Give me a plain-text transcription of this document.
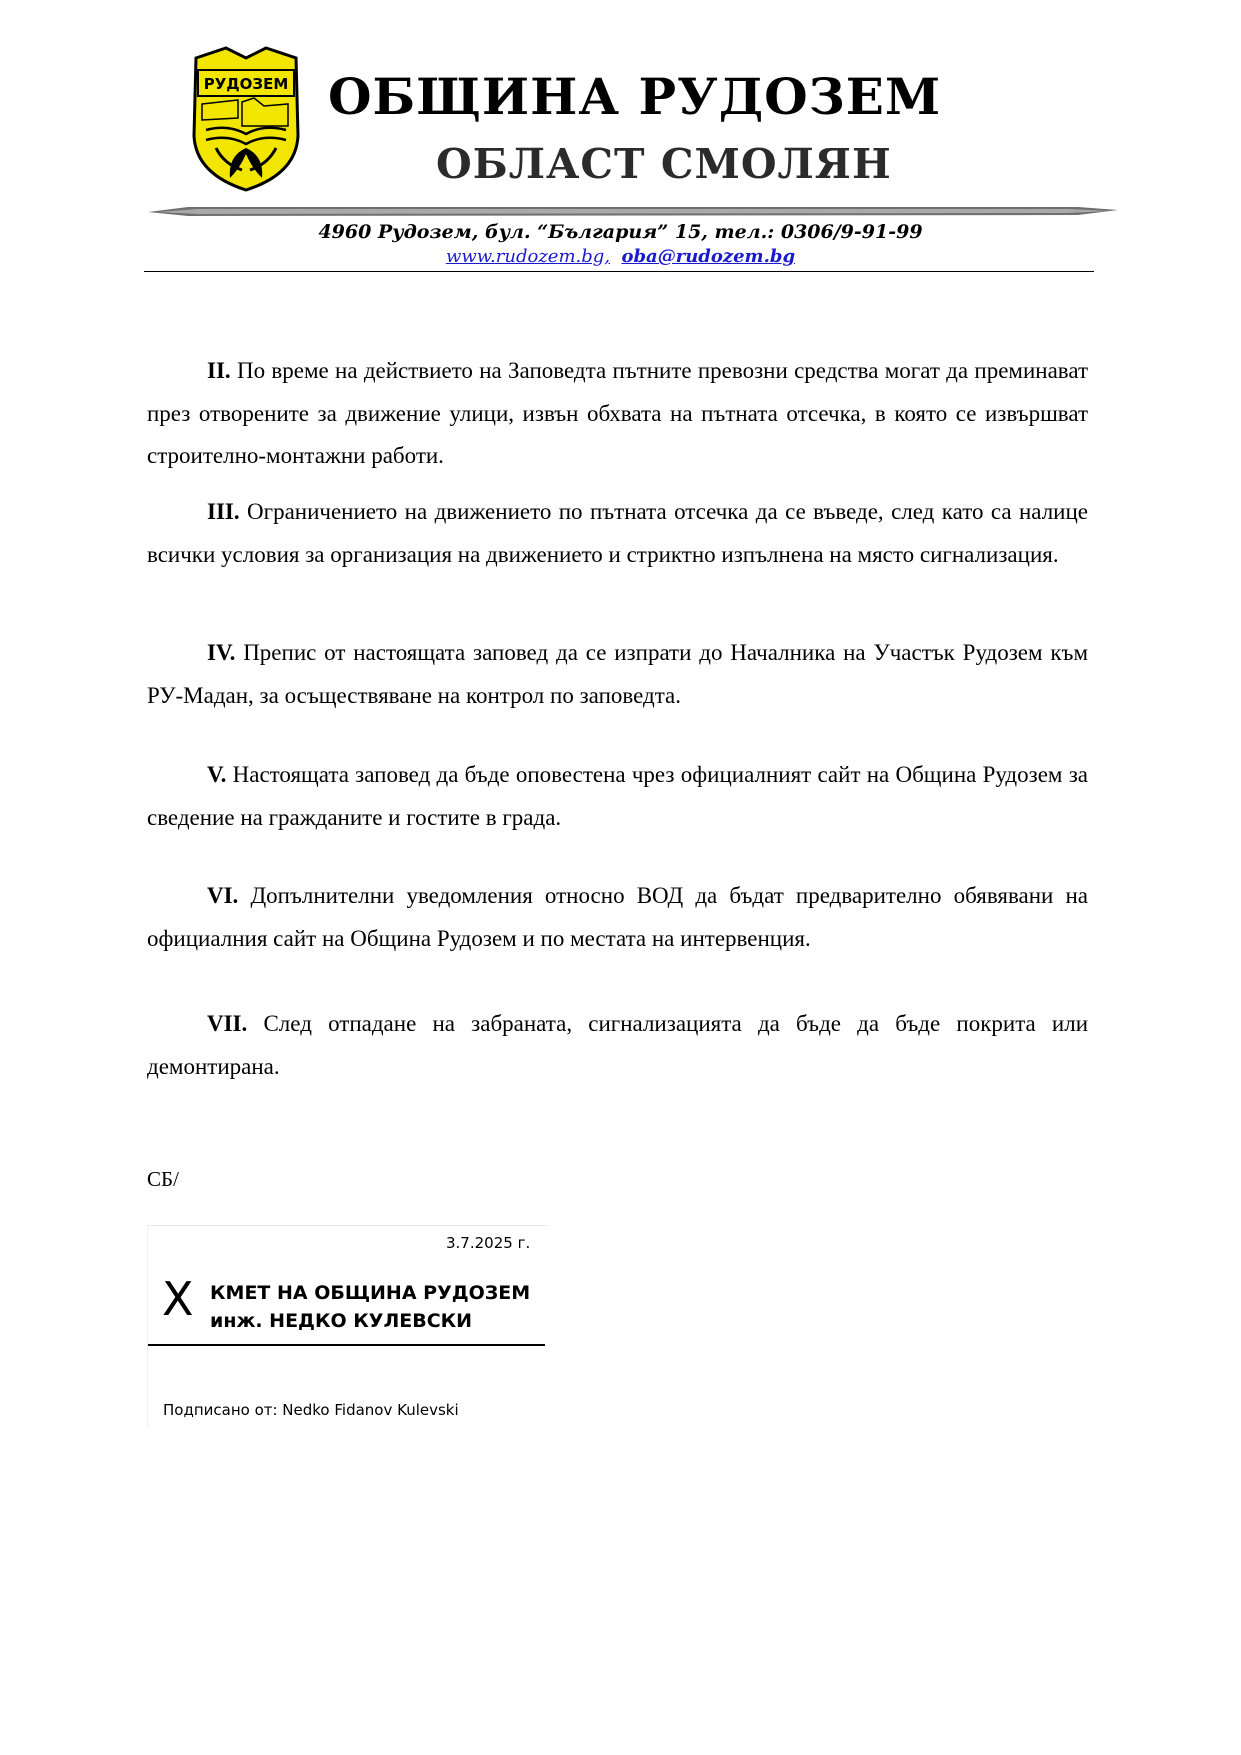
РУДОЗЕМ ОБЩИНА РУДОЗЕМ
ОБЛАСТ СМОЛЯН
4960 Рудозем, бул. “България” 15, тел.: 0306/9-91-99
www.rudozem.bg, oba@rudozem.bg

II. По време на действието на Заповедта пътните превозни средства могат да преминават през отворените за движение улици, извън обхвата на пътната отсечка, в която се извършват строително-монтажни работи.

III. Ограничението на движението по пътната отсечка да се въведе, след като са налице всички условия за организация на движението и стриктно изпълнена на място сигнализация.

IV. Препис от настоящата заповед да се изпрати до Началника на Участък Рудозем към РУ-Мадан, за осъществяване на контрол по заповедта.

V. Настоящата заповед да бъде оповестена чрез официалният сайт на Община Рудозем за сведение на гражданите и гостите в града.

VI. Допълнителни уведомления относно ВОД да бъдат предварително обявявани на официалния сайт на Община Рудозем и по местата на интервенция.

VII. След отпадане на забраната, сигнализацията да бъде да бъде покрита или демонтирана.

СБ/
3.7.2025 г.
X КМЕТ НА ОБЩИНА РУДОЗЕМ
инж. НЕДКО КУЛЕВСКИ
Подписано от: Nedko Fidanov Kulevski
